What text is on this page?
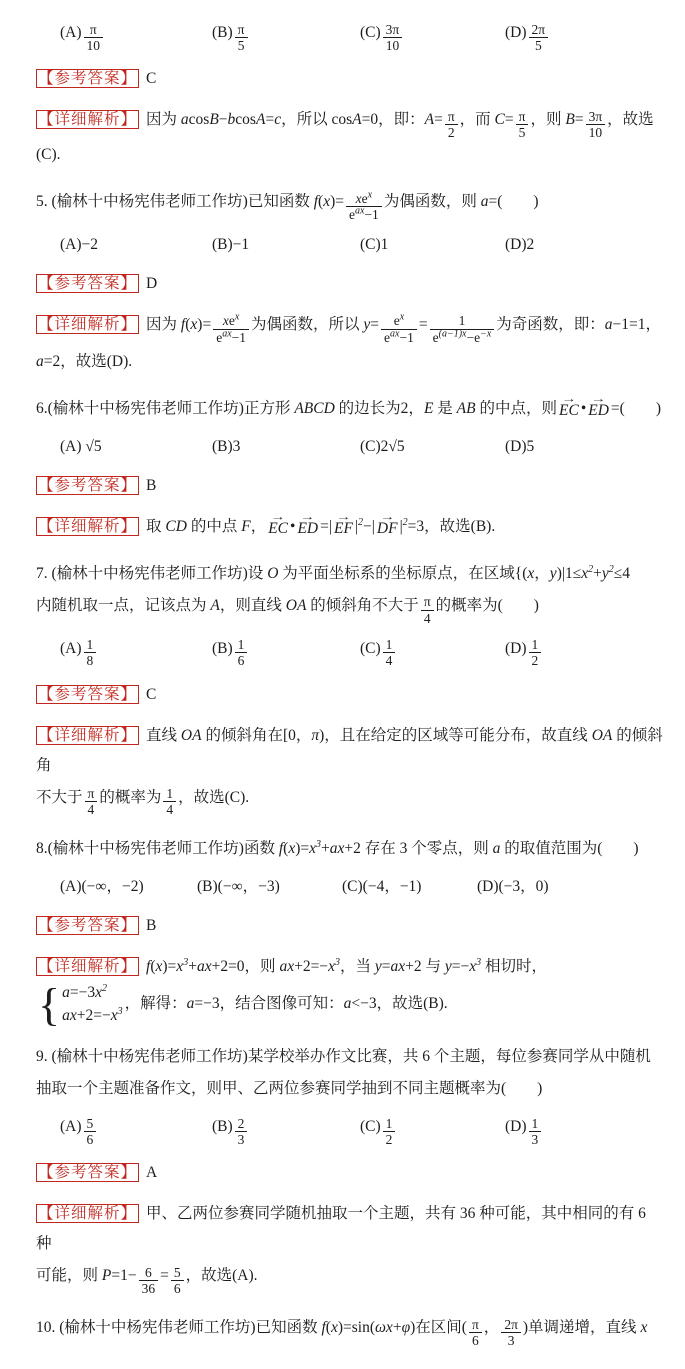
$(A) \frac{\pi}{10}$	$(B) \frac{\pi}{5}$	$(C) \frac{3\pi}{10}$	$(D) \frac{2\pi}{5}$
【参考答案】 C
【详细解析】 因为 acosB−bcosA=c，所以 cosA=0，即：$A= \frac{\pi}{2}$ ，而 $C= \frac{\pi}{5}$ ，则 $B= \frac{3\pi}{10}$ ，故选(C).
5. (榆林十中杨宪伟老师工作坊)已知函数 $f(x)= \frac{xe^x}{e^{ax}-1}$ 为偶函数，则 a=(　　)
(A)−2	(B)−1	(C)1	(D)2
【参考答案】 D
【详细解析】 因为 $f(x)= \frac{xe^x}{e^{ax}-1}$ 为偶函数，所以 $y= \frac{e^x}{e^{ax}-1} = \frac{1}{e^{(a-1)x}-e^{-x}}$ 为奇函数，即：a−1=1，
a=2，故选(D).
6.(榆林十中杨宪伟老师工作坊)正方形 ABCD 的边长为2，E 是 AB 的中点，则
→
EC •
→
ED =(　　)
(A) √5	(B)3	(C)2√5	(D)5
【参考答案】 B
【详细解析】 取 CD 的中点 F，
→
EC •
→
ED =|
→
EF $|^2-|$
→
DF $|^2=3$，故选(B).
7. (榆林十中杨宪伟老师工作坊)设 O 为平面坐标系的坐标原点，在区域{(x，$y)|1\le x^2+y^2\le 4$
内随机取一点，记该点为 A，则直线 OA 的倾斜角不大于 $\frac{\pi}{4}$ 的概率为(　　)
$(A) \frac{1}{8}$	$(B) \frac{1}{6}$	$(C) \frac{1}{4}$	$(D) \frac{1}{2}$
【参考答案】 C
【详细解析】 直线 OA 的倾斜角在[0，π)，且在给定的区域等可能分布，故直线 OA 的倾斜角
不大于 $\frac{\pi}{4}$ 的概率为 $\frac{1}{4}$ ，故选(C).
8.(榆林十中杨宪伟老师工作坊)函数 $f(x)=x^3+ax+2$ 存在 3 个零点，则 a 的取值范围为(　　)
(A)(−∞，−2)	(B)(−∞，−3)	(C)(−4，−1)	(D)(−3，0)
【参考答案】 B
【详细解析】 $f(x)=x^3+ax+2=0$，则 $ax+2=-x^3$，当 y=ax+2 与 $y=-x^3$ 相切时，
{ $a=-3x^2$
$ax+2=-x^3$ ，解得：a=−3，结合图像可知：a<−3，故选(B).
9. (榆林十中杨宪伟老师工作坊)某学校举办作文比赛，共 6 个主题，每位参赛同学从中随机
抽取一个主题准备作文，则甲、乙两位参赛同学抽到不同主题概率为(　　)
$(A) \frac{5}{6}$	$(B) \frac{2}{3}$	$(C) \frac{1}{2}$	$(D) \frac{1}{3}$
【参考答案】 A
【详细解析】 甲、乙两位参赛同学随机抽取一个主题，共有 36 种可能，其中相同的有 6 种
可能，则 $P=1- \frac{6}{36} = \frac{5}{6}$ ，故选(A).
10. (榆林十中杨宪伟老师工作坊)已知函数 f(x)=sin(ωx+φ)在区间( $\frac{\pi}{6}$ ， $\frac{2\pi}{3}$ )单调递增，直线 x
